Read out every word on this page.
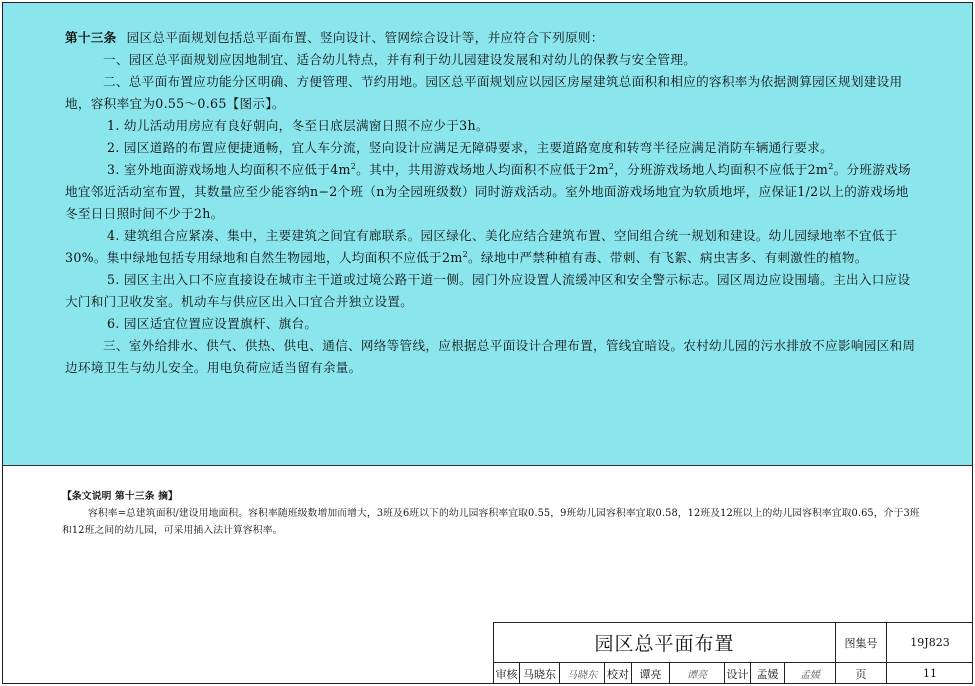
第十三条 园区总平面规划包括总平面布置、竖向设计、管网综合设计等，并应符合下列原则：
一、园区总平面规划应因地制宜、适合幼儿特点，并有利于幼儿园建设发展和对幼儿的保教与安全管理。
二、总平面布置应功能分区明确、方便管理、节约用地。园区总平面规划应以园区房屋建筑总面积和相应的容积率为依据测算园区规划建设用地，容积率宜为0.55～0.65【图示】。
1. 幼儿活动用房应有良好朝向，冬至日底层满窗日照不应少于3h。
2. 园区道路的布置应便捷通畅，宜人车分流，竖向设计应满足无障碍要求，主要道路宽度和转弯半径应满足消防车辆通行要求。
3. 室外地面游戏场地人均面积不应低于$4m^2$。其中，共用游戏场地人均面积不应低于$2m^2$，分班游戏场地人均面积不应低于$2m^2$。分班游戏场地宜邻近活动室布置，其数量应至少能容纳n−2个班（n为全园班级数）同时游戏活动。室外地面游戏场地宜为软质地坪，应保证1/2以上的游戏场地冬至日日照时间不少于2h。
4. 建筑组合应紧凑、集中，主要建筑之间宜有廊联系。园区绿化、美化应结合建筑布置、空间组合统一规划和建设。幼儿园绿地率不宜低于30%。集中绿地包括专用绿地和自然生物园地，人均面积不应低于$2m^2$。绿地中严禁种植有毒、带刺、有飞絮、病虫害多、有刺激性的植物。
5. 园区主出入口不应直接设在城市主干道或过境公路干道一侧。园门外应设置人流缓冲区和安全警示标志。园区周边应设围墙。主出入口应设大门和门卫收发室。机动车与供应区出入口宜合并独立设置。
6. 园区适宜位置应设置旗杆、旗台。
三、室外给排水、供气、供热、供电、通信、网络等管线，应根据总平面设计合理布置，管线宜暗设。农村幼儿园的污水排放不应影响园区和周边环境卫生与幼儿安全。用电负荷应适当留有余量。
【条文说明 第十三条 摘】
容积率=总建筑面积/建设用地面积。容积率随班级数增加而增大，3班及6班以下的幼儿园容积率宜取0.55，9班幼儿园容积率宜取0.58，12班及12班以上的幼儿园容积率宜取0.65，介于3班和12班之间的幼儿园，可采用插入法计算容积率。
园区总平面布置	图集号	19J823
审核 马晓东	马晓东 校对 谭亮	谭亮	设计 孟媛	孟媛	页	11
